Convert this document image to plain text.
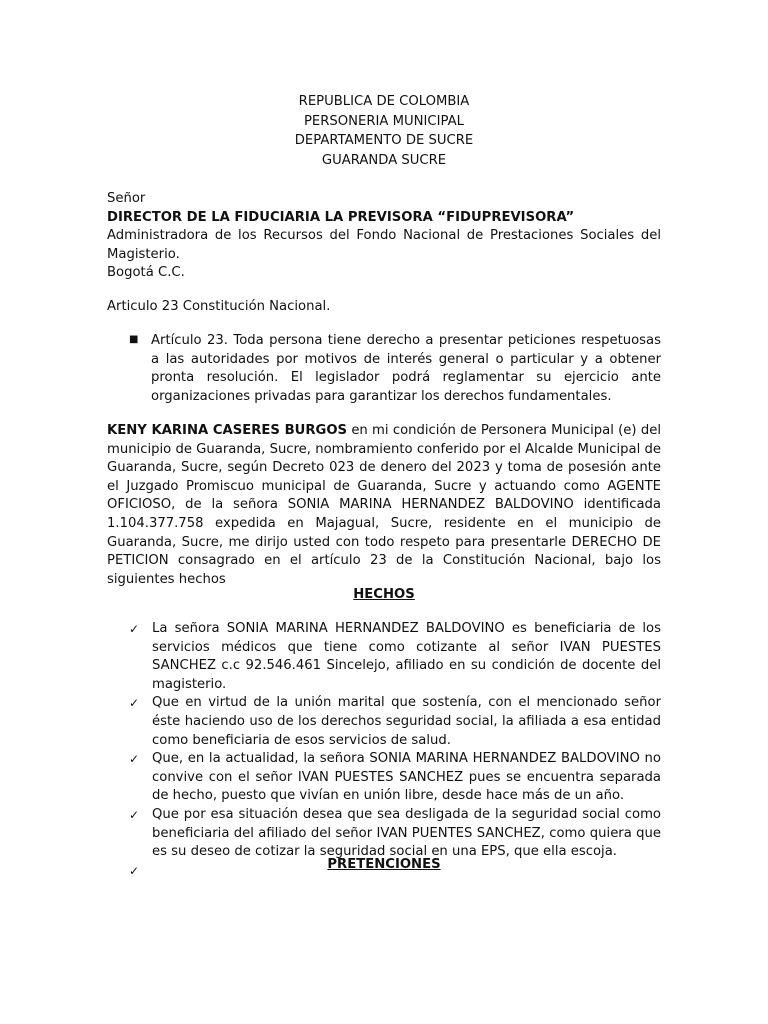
REPUBLICA DE COLOMBIA
PERSONERIA MUNICIPAL
DEPARTAMENTO DE SUCRE
GUARANDA SUCRE
Señor
DIRECTOR DE LA FIDUCIARIA LA PREVISORA “FIDUPREVISORA”
Administradora de los Recursos del Fondo Nacional de Prestaciones Sociales del Magisterio.
Bogotá C.C.
Articulo 23 Constitución Nacional.
■ Artículo 23. Toda persona tiene derecho a presentar peticiones respetuosas a las autoridades por motivos de interés general o particular y a obtener pronta resolución. El legislador podrá reglamentar su ejercicio ante organizaciones privadas para garantizar los derechos fundamentales.
KENY KARINA CASERES BURGOS en mi condición de Personera Municipal (e) del municipio de Guaranda, Sucre, nombramiento conferido por el Alcalde Municipal de Guaranda, Sucre, según Decreto 023 de denero del 2023 y toma de posesión ante el Juzgado Promiscuo municipal de Guaranda, Sucre y actuando como AGENTE OFICIOSO, de la señora SONIA MARINA HERNANDEZ BALDOVINO identificada 1.104.377.758 expedida en Majagual, Sucre, residente en el municipio de Guaranda, Sucre, me dirijo usted con todo respeto para presentarle DERECHO DE PETICION consagrado en el artículo 23 de la Constitución Nacional, bajo los siguientes hechos
HECHOS
✓ La señora SONIA MARINA HERNANDEZ BALDOVINO es beneficiaria de los servicios médicos que tiene como cotizante al señor IVAN PUESTES SANCHEZ c.c 92.546.461 Sincelejo, afiliado en su condición de docente del magisterio.
✓ Que en virtud de la unión marital que sostenía, con el mencionado señor éste haciendo uso de los derechos seguridad social, la afiliada a esa entidad como beneficiaria de esos servicios de salud.
✓ Que, en la actualidad, la señora SONIA MARINA HERNANDEZ BALDOVINO no convive con el señor IVAN PUESTES SANCHEZ pues se encuentra separada de hecho, puesto que vivían en unión libre, desde hace más de un año.
✓ Que por esa situación desea que sea desligada de la seguridad social como beneficiaria del afiliado del señor IVAN PUENTES SANCHEZ, como quiera que es su deseo de cotizar la seguridad social en una EPS, que ella escoja.
✓	PRETENCIONES
